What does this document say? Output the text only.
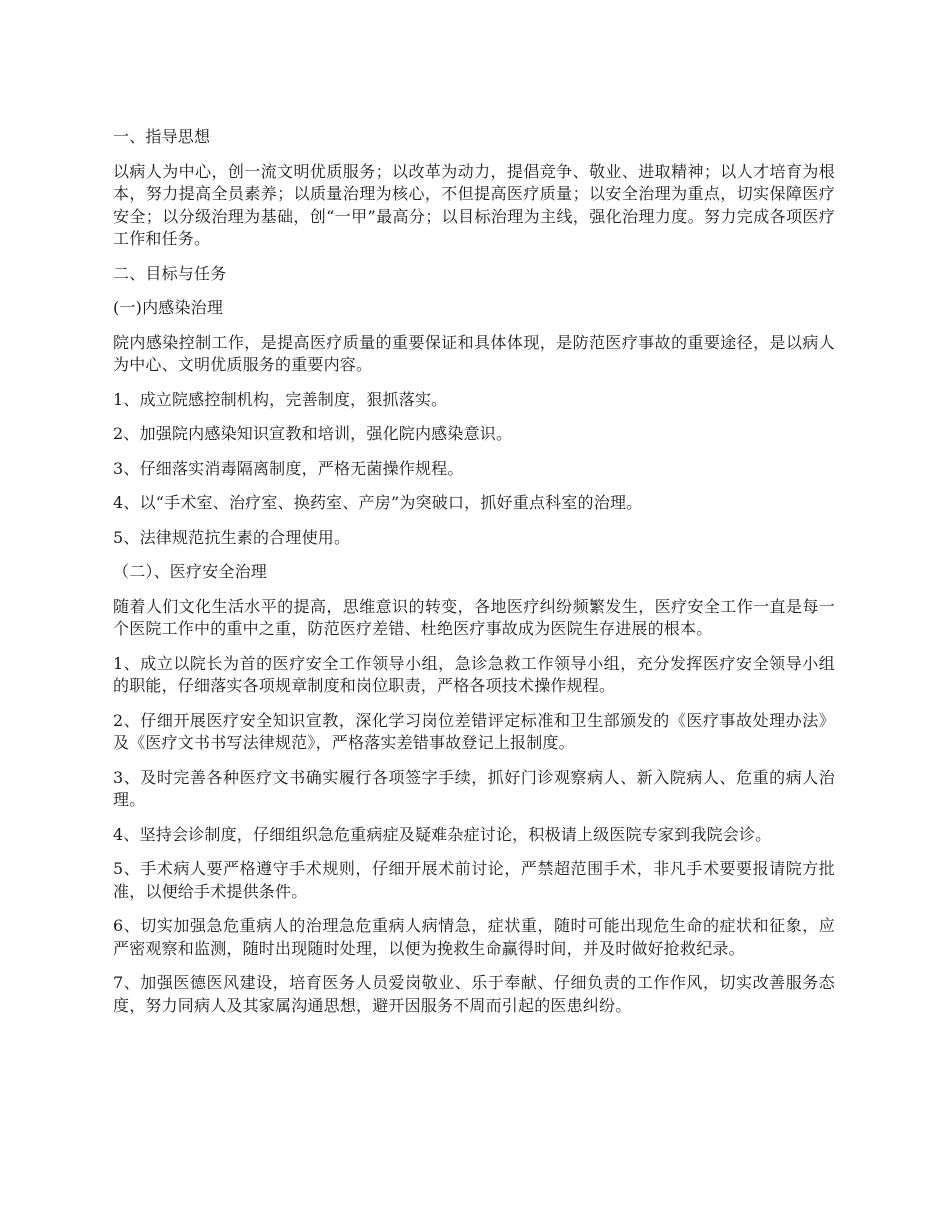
一、指导思想

以病人为中心，创一流文明优质服务；以改革为动力，提倡竞争、敬业、进取精神；以人才培育为根本，努力提高全员素养；以质量治理为核心，不但提高医疗质量；以安全治理为重点，切实保障医疗安全；以分级治理为基础，创“一甲”最高分；以目标治理为主线，强化治理力度。努力完成各项医疗工作和任务。

二、目标与任务

(一)内感染治理

院内感染控制工作，是提高医疗质量的重要保证和具体体现，是防范医疗事故的重要途径，是以病人为中心、文明优质服务的重要内容。

1、成立院感控制机构，完善制度，狠抓落实。

2、加强院内感染知识宣教和培训，强化院内感染意识。

3、仔细落实消毒隔离制度，严格无菌操作规程。

4、以“手术室、治疗室、换药室、产房”为突破口，抓好重点科室的治理。

5、法律规范抗生素的合理使用。

（二）、医疗安全治理

随着人们文化生活水平的提高，思维意识的转变，各地医疗纠纷频繁发生，医疗安全工作一直是每一个医院工作中的重中之重，防范医疗差错、杜绝医疗事故成为医院生存进展的根本。

1、成立以院长为首的医疗安全工作领导小组，急诊急救工作领导小组，充分发挥医疗安全领导小组的职能，仔细落实各项规章制度和岗位职责，严格各项技术操作规程。

2、仔细开展医疗安全知识宣教，深化学习岗位差错评定标准和卫生部颁发的《医疗事故处理办法》及《医疗文书书写法律规范》，严格落实差错事故登记上报制度。

3、及时完善各种医疗文书确实履行各项签字手续，抓好门诊观察病人、新入院病人、危重的病人治理。

4、坚持会诊制度，仔细组织急危重病症及疑难杂症讨论，积极请上级医院专家到我院会诊。

5、手术病人要严格遵守手术规则，仔细开展术前讨论，严禁超范围手术，非凡手术要要报请院方批准，以便给手术提供条件。

6、切实加强急危重病人的治理急危重病人病情急，症状重，随时可能出现危生命的症状和征象，应严密观察和监测，随时出现随时处理，以便为挽救生命赢得时间，并及时做好抢救纪录。

7、加强医德医风建设，培育医务人员爱岗敬业、乐于奉献、仔细负责的工作作风，切实改善服务态度，努力同病人及其家属沟通思想，避开因服务不周而引起的医患纠纷。
